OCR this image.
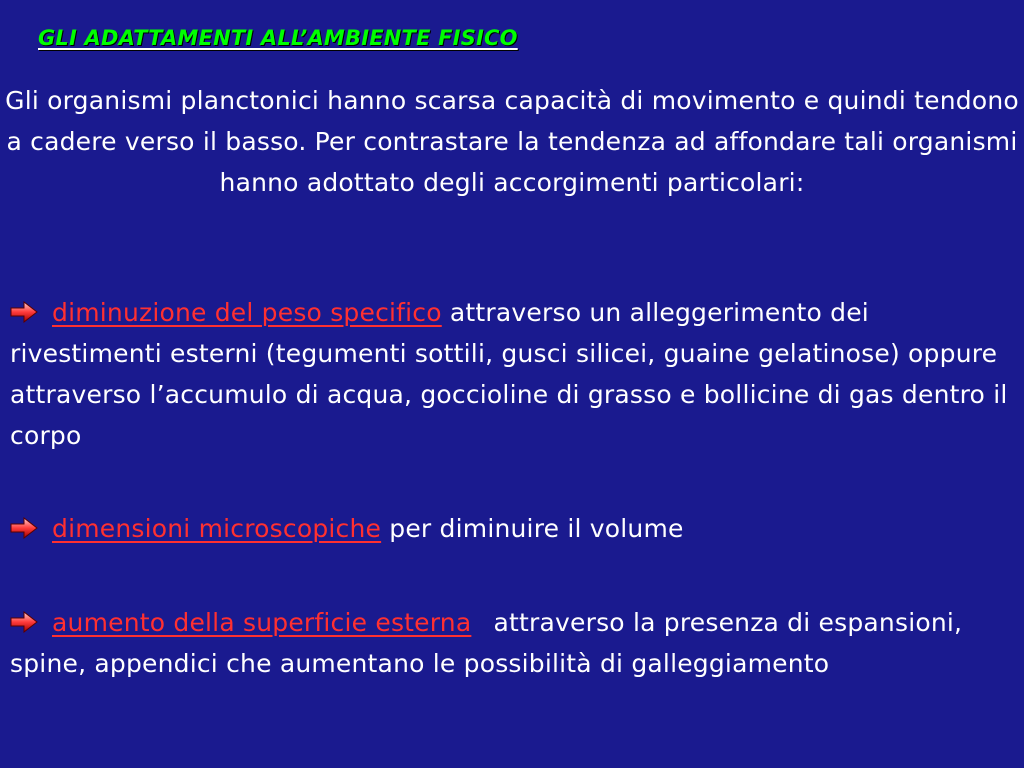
GLI ADATTAMENTI ALL’AMBIENTE FISICO
Gli organismi planctonici hanno scarsa capacità di movimento e quindi tendono a cadere verso il basso. Per contrastare la tendenza ad affondare tali organismi hanno adottato degli accorgimenti particolari:
diminuzione del peso specifico attraverso un alleggerimento dei rivestimenti esterni (tegumenti sottili, gusci silicei, guaine gelatinose) oppure attraverso l’accumulo di acqua, goccioline di grasso e bollicine di gas dentro il corpo
dimensioni microscopiche per diminuire il volume
aumento della superficie esterna attraverso la presenza di espansioni, spine, appendici che aumentano le possibilità di galleggiamento
